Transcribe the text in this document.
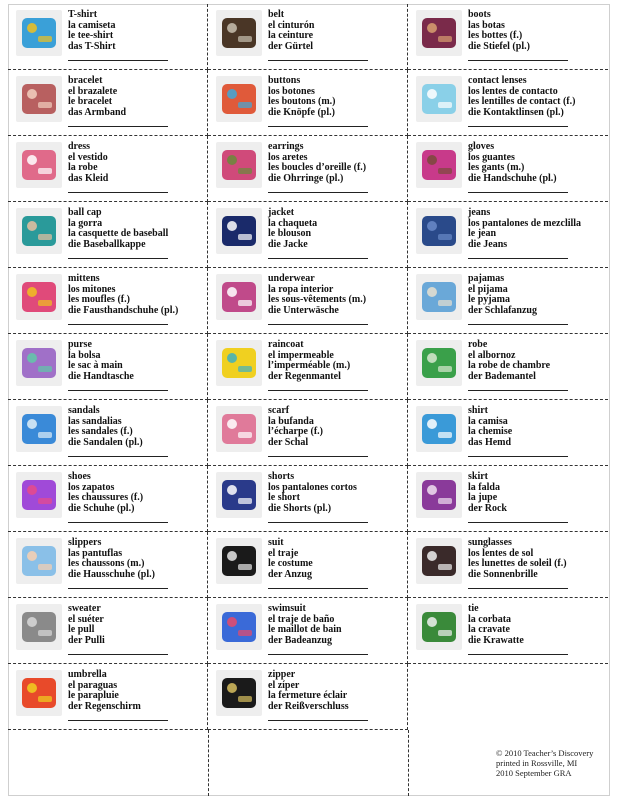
T-shirt
la camiseta
le tee-shirt
das T-Shirt
belt
el cinturón
la ceinture
der Gürtel
boots
las botas
les bottes (f.)
die Stiefel (pl.)
bracelet
el brazalete
le bracelet
das Armband
buttons
los botones
les boutons (m.)
die Knöpfe (pl.)
contact lenses
los lentes de contacto
les lentilles de contact (f.)
die Kontaktlinsen (pl.)
dress
el vestido
la robe
das Kleid
earrings
los aretes
les boucles d’oreille (f.)
die Ohrringe (pl.)
gloves
los guantes
les gants (m.)
die Handschuhe (pl.)
ball cap
la gorra
la casquette de baseball
die Baseballkappe
jacket
la chaqueta
le blouson
die Jacke
jeans
los pantalones de mezclilla
le jean
die Jeans
mittens
los mitones
les moufles (f.)
die Fausthandschuhe (pl.)
underwear
la ropa interior
les sous-vêtements (m.)
die Unterwäsche
pajamas
el pijama
le pyjama
der Schlafanzug
purse
la bolsa
le sac à main
die Handtasche
raincoat
el impermeable
l’imperméable (m.)
der Regenmantel
robe
el albornoz
la robe de chambre
der Bademantel
sandals
las sandalias
les sandales (f.)
die Sandalen (pl.)
scarf
la bufanda
l’écharpe (f.)
der Schal
shirt
la camisa
la chemise
das Hemd
shoes
los zapatos
les chaussures (f.)
die Schuhe (pl.)
shorts
los pantalones cortos
le short
die Shorts (pl.)
skirt
la falda
la jupe
der Rock
slippers
las pantuflas
les chaussons (m.)
die Hausschuhe (pl.)
suit
el traje
le costume
der Anzug
sunglasses
los lentes de sol
les lunettes de soleil (f.)
die Sonnenbrille
sweater
el suéter
le pull
der Pulli
swimsuit
el traje de baño
le maillot de bain
der Badeanzug
tie
la corbata
la cravate
die Krawatte
umbrella
el paraguas
le parapluie
der Regenschirm
zipper
el zíper
la fermeture éclair
der Reißverschluss
© 2010 Teacher’s Discovery
printed in Rossville, MI
2010 September GRA
